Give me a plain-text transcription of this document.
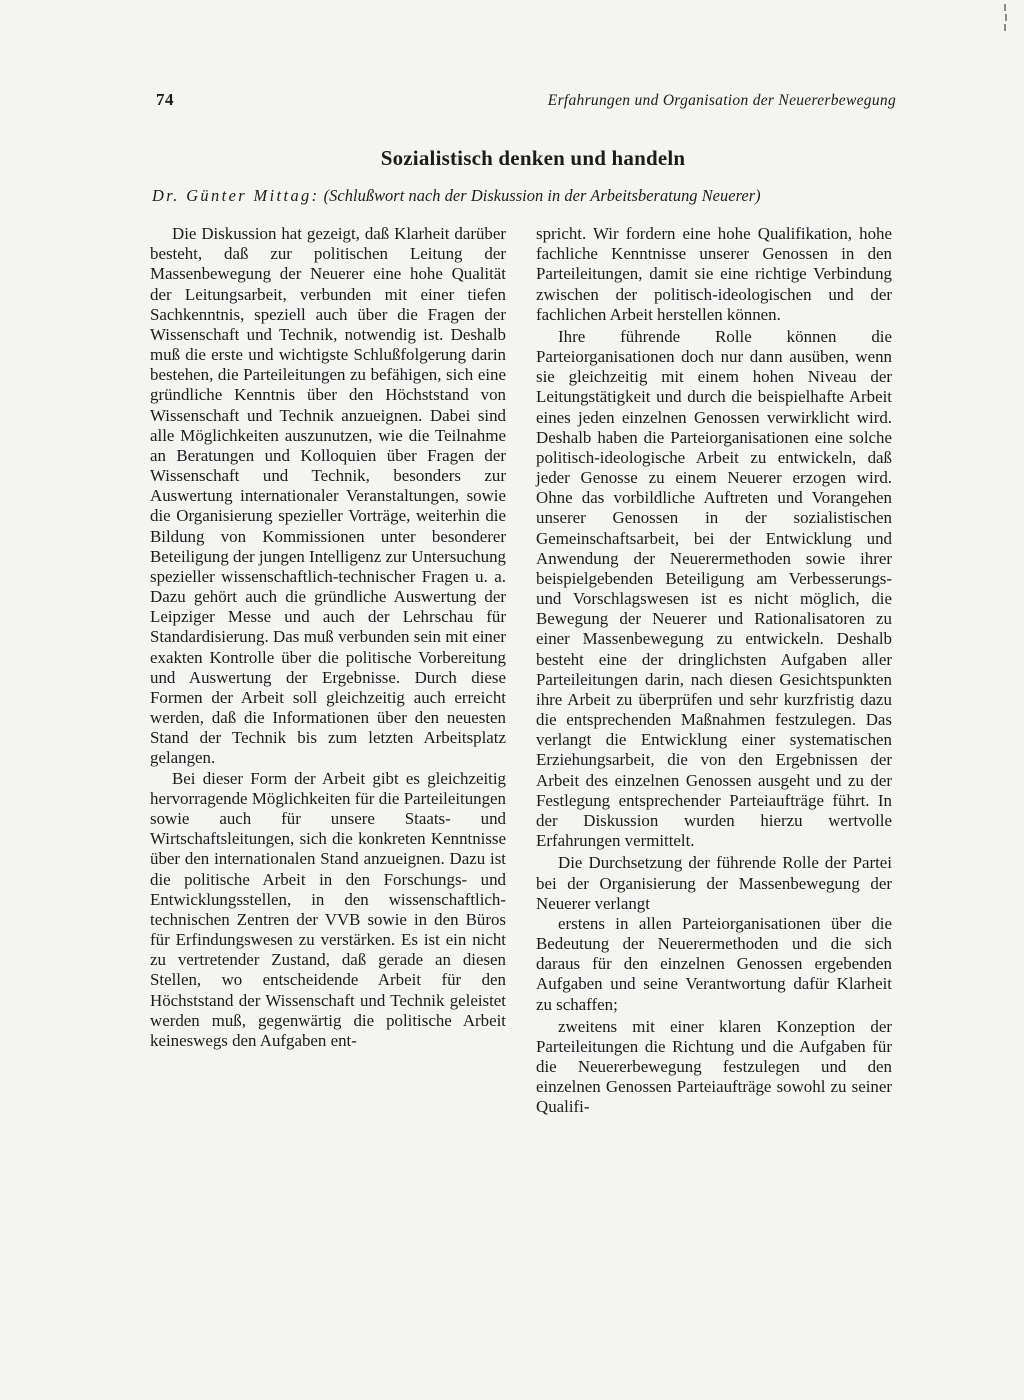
74	Erfahrungen und Organisation der Neuererbewegung
Sozialistisch denken und handeln
Dr. Günter Mittag: (Schlußwort nach der Diskussion in der Arbeitsberatung Neuerer)

Die Diskussion hat gezeigt, daß Klarheit darüber besteht, daß zur politischen Leitung der Massenbewegung der Neuerer eine hohe Qualität der Leitungsarbeit, verbunden mit einer tiefen Sachkenntnis, speziell auch über die Fragen der Wissenschaft und Technik, notwendig ist. Deshalb muß die erste und wichtigste Schlußfolgerung darin bestehen, die Parteileitungen zu befähigen, sich eine gründliche Kenntnis über den Höchststand von Wissenschaft und Technik anzueignen. Dabei sind alle Möglichkeiten auszunutzen, wie die Teilnahme an Beratungen und Kolloquien über Fragen der Wissenschaft und Technik, besonders zur Auswertung internationaler Veranstaltungen, sowie die Organisierung spezieller Vorträge, weiterhin die Bildung von Kommissionen unter besonderer Beteiligung der jungen Intelligenz zur Untersuchung spezieller wissenschaftlich-technischer Fragen u. a. Dazu gehört auch die gründliche Auswertung der Leipziger Messe und auch der Lehrschau für Standardisierung. Das muß verbunden sein mit einer exakten Kontrolle über die politische Vorbereitung und Auswertung der Ergebnisse. Durch diese Formen der Arbeit soll gleichzeitig auch erreicht werden, daß die Informationen über den neuesten Stand der Technik bis zum letzten Arbeitsplatz gelangen.

Bei dieser Form der Arbeit gibt es gleichzeitig hervorragende Möglichkeiten für die Parteileitungen sowie auch für unsere Staats- und Wirtschaftsleitungen, sich die konkreten Kenntnisse über den internationalen Stand anzueignen. Dazu ist die politische Arbeit in den Forschungs- und Entwicklungsstellen, in den wissenschaftlich-technischen Zentren der VVB sowie in den Büros für Erfindungswesen zu verstärken. Es ist ein nicht zu vertretender Zustand, daß gerade an diesen Stellen, wo entscheidende Arbeit für den Höchststand der Wissenschaft und Technik geleistet werden muß, gegenwärtig die politische Arbeit keineswegs den Aufgaben ent-

spricht. Wir fordern eine hohe Qualifikation, hohe fachliche Kenntnisse unserer Genossen in den Parteileitungen, damit sie eine richtige Verbindung zwischen der politisch-ideologischen und der fachlichen Arbeit herstellen können.

Ihre führende Rolle können die Parteiorganisationen doch nur dann ausüben, wenn sie gleichzeitig mit einem hohen Niveau der Leitungstätigkeit und durch die beispielhafte Arbeit eines jeden einzelnen Genossen verwirklicht wird. Deshalb haben die Parteiorganisationen eine solche politisch-ideologische Arbeit zu entwickeln, daß jeder Genosse zu einem Neuerer erzogen wird. Ohne das vorbildliche Auftreten und Vorangehen unserer Genossen in der sozialistischen Gemeinschaftsarbeit, bei der Entwicklung und Anwendung der Neuerermethoden sowie ihrer beispielgebenden Beteiligung am Verbesserungs- und Vorschlagswesen ist es nicht möglich, die Bewegung der Neuerer und Rationalisatoren zu einer Massenbewegung zu entwickeln. Deshalb besteht eine der dringlichsten Aufgaben aller Parteileitungen darin, nach diesen Gesichtspunkten ihre Arbeit zu überprüfen und sehr kurzfristig dazu die entsprechenden Maßnahmen festzulegen. Das verlangt die Entwicklung einer systematischen Erziehungsarbeit, die von den Ergebnissen der Arbeit des einzelnen Genossen ausgeht und zu der Festlegung entsprechender Parteiaufträge führt. In der Diskussion wurden hierzu wertvolle Erfahrungen vermittelt.

Die Durchsetzung der führende Rolle der Partei bei der Organisierung der Massenbewegung der Neuerer verlangt

erstens in allen Parteiorganisationen über die Bedeutung der Neuerermethoden und die sich daraus für den einzelnen Genossen ergebenden Aufgaben und seine Verantwortung dafür Klarheit zu schaffen;

zweitens mit einer klaren Konzeption der Parteileitungen die Richtung und die Aufgaben für die Neuererbewegung festzulegen und den einzelnen Genossen Parteiaufträge sowohl zu seiner Qualifi-
